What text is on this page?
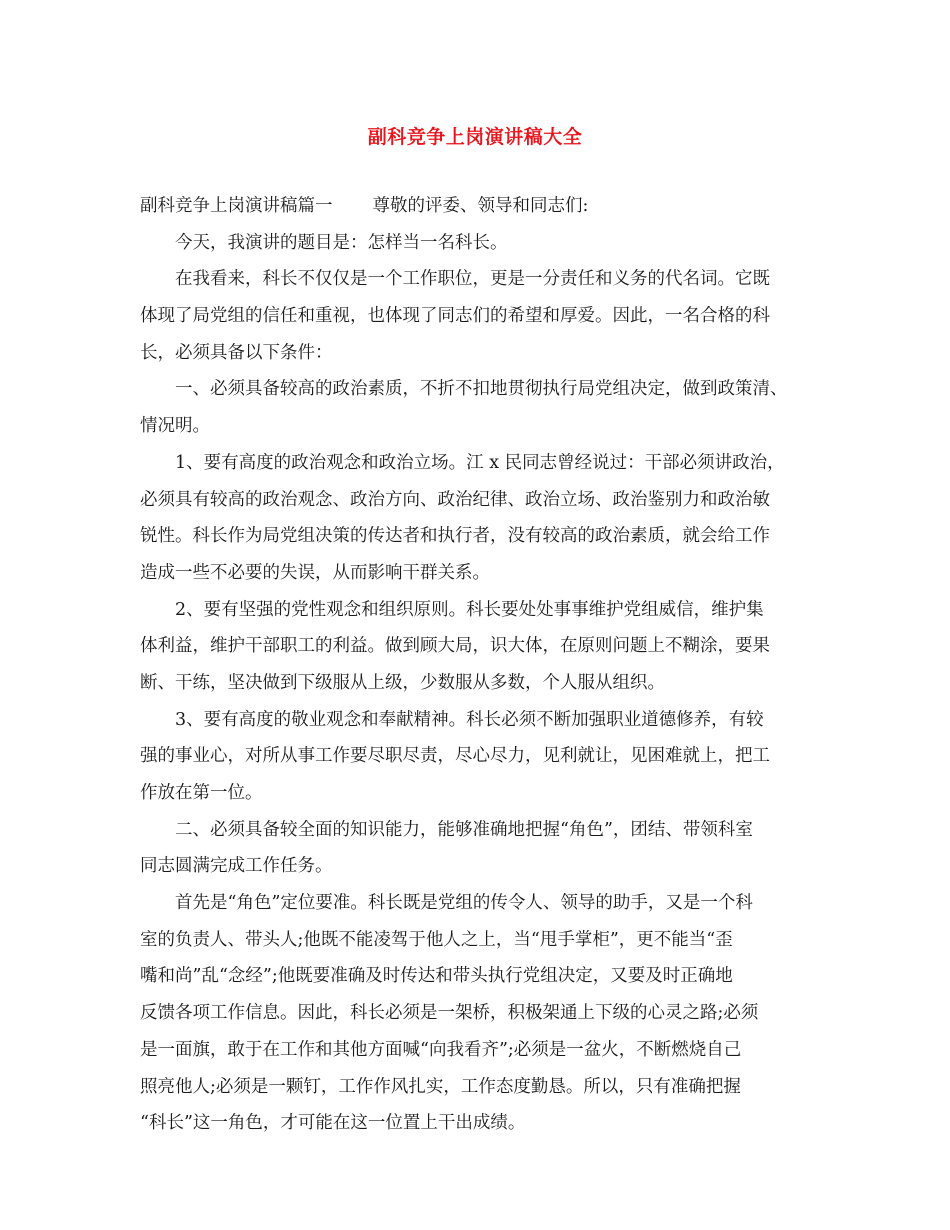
副科竞争上岗演讲稿大全
副科竞争上岗演讲稿篇一 尊敬的评委、领导和同志们:
今天，我演讲的题目是：怎样当一名科长。
在我看来，科长不仅仅是一个工作职位，更是一分责任和义务的代名词。它既
体现了局党组的信任和重视，也体现了同志们的希望和厚爱。因此，一名合格的科
长，必须具备以下条件：
一、必须具备较高的政治素质，不折不扣地贯彻执行局党组决定，做到政策清、
情况明。
1、要有高度的政治观念和政治立场。江 x 民同志曾经说过：干部必须讲政治，
必须具有较高的政治观念、政治方向、政治纪律、政治立场、政治鉴别力和政治敏
锐性。科长作为局党组决策的传达者和执行者，没有较高的政治素质，就会给工作
造成一些不必要的失误，从而影响干群关系。
2、要有坚强的党性观念和组织原则。科长要处处事事维护党组威信，维护集
体利益，维护干部职工的利益。做到顾大局，识大体，在原则问题上不糊涂，要果
断、干练，坚决做到下级服从上级，少数服从多数，个人服从组织。
3、要有高度的敬业观念和奉献精神。科长必须不断加强职业道德修养，有较
强的事业心，对所从事工作要尽职尽责，尽心尽力，见利就让，见困难就上，把工
作放在第一位。
二、必须具备较全面的知识能力，能够准确地把握“角色”，团结、带领科室
同志圆满完成工作任务。
首先是“角色”定位要准。科长既是党组的传令人、领导的助手，又是一个科
室的负责人、带头人;他既不能凌驾于他人之上，当“甩手掌柜”，更不能当“歪
嘴和尚”乱“念经”;他既要准确及时传达和带头执行党组决定，又要及时正确地
反馈各项工作信息。因此，科长必须是一架桥，积极架通上下级的心灵之路;必须
是一面旗，敢于在工作和其他方面喊“向我看齐”;必须是一盆火，不断燃烧自己
照亮他人;必须是一颗钉，工作作风扎实，工作态度勤恳。所以，只有准确把握
“科长”这一角色，才可能在这一位置上干出成绩。
